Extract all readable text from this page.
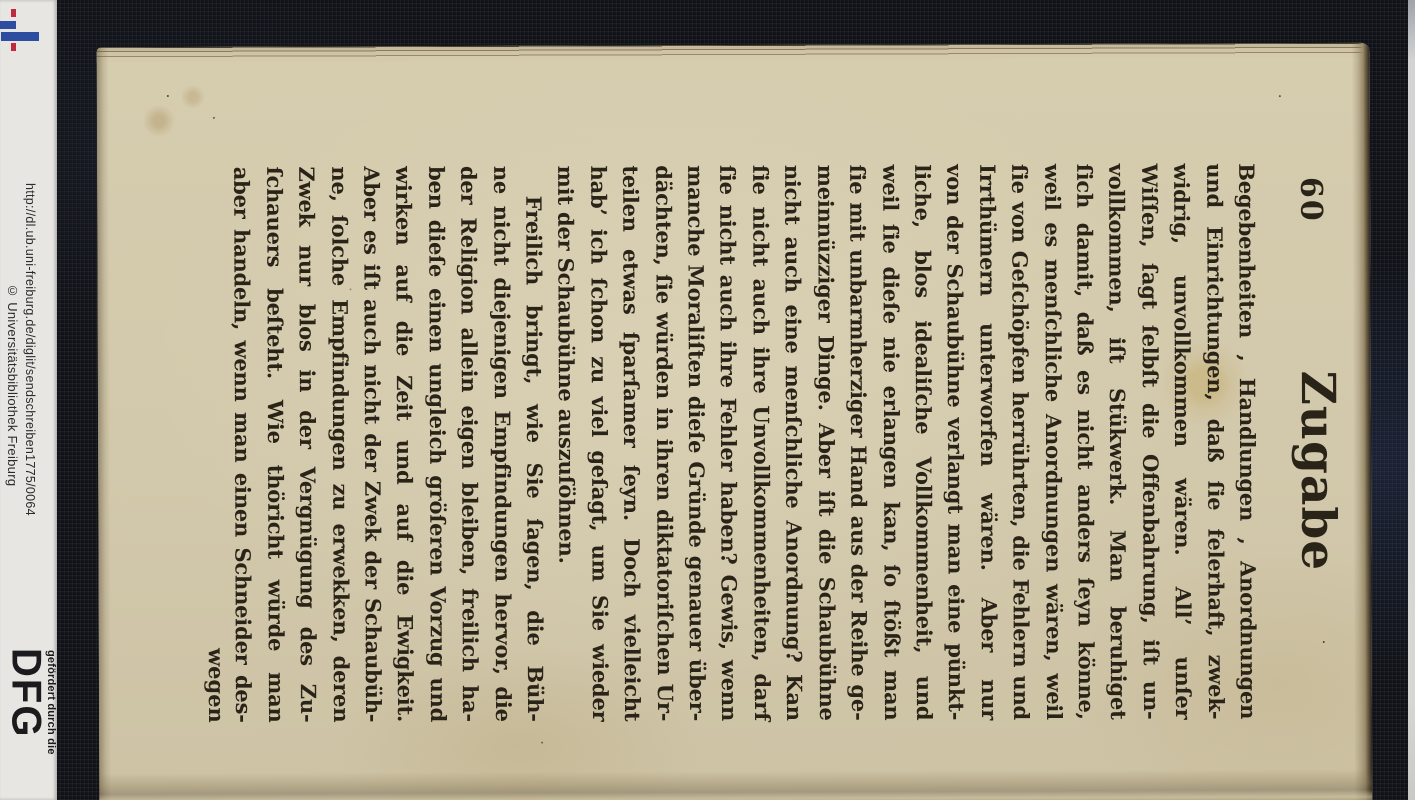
60
Zugabe
Begebenheiten , Handlungen , Anordnungen
und Einrichtungen, daß ſie felerhaft, zwek-
widrig, unvollkommen wären. All’ unſer
Wiſſen, ſagt ſelbſt die Offenbahrung, iſt un-
vollkommen, iſt Stükwerk. Man beruhiget
ſich damit, daß es nicht anders ſeyn könne,
weil es menſchliche Anordnungen wären, weil
ſie von Geſchöpfen herrührten, die Fehlern und
Irrthümern unterworfen wären. Aber nur
von der Schaubühne verlangt man eine pünkt-
liche, blos idealiſche Vollkommenheit, und
weil ſie dieſe nie erlangen kan, ſo ſtößt man
ſie mit unbarmherziger Hand aus der Reihe ge-
meinnüzziger Dinge. Aber iſt die Schaubühne
nicht auch eine menſchliche Anordnung? Kan
ſie nicht auch ihre Unvollkommenheiten, darf
ſie nicht auch ihre Fehler haben? Gewis, wenn
manche Moraliſten dieſe Gründe genauer über-
dächten, ſie würden in ihren diktatoriſchen Ur-
teilen etwas ſparſamer ſeyn. Doch vielleicht
hab’ ich ſchon zu viel geſagt, um Sie wieder
mit der Schaubühne auszuſöhnen.
Freilich bringt, wie Sie ſagen, die Büh-
ne nicht diejenigen Empfindungen hervor, die
der Religion allein eigen bleiben, freilich ha-
ben dieſe einen ungleich gröſeren Vorzug und
wirken auf die Zeit und auf die Ewigkeit.
Aber es iſt auch nicht der Zwek der Schaubüh-
ne, ſolche Empfindungen zu erwekken, deren
Zwek nur blos in der Vergnügung des Zu-
ſchauers beſteht. Wie thöricht würde man
aber handeln, wenn man einen Schneider des-
wegen
http://dl.ub.uni-freiburg.de/diglit/sendschreiben1775/0064
© Universitätsbibliothek Freiburg
gefördert durch die
DFG
